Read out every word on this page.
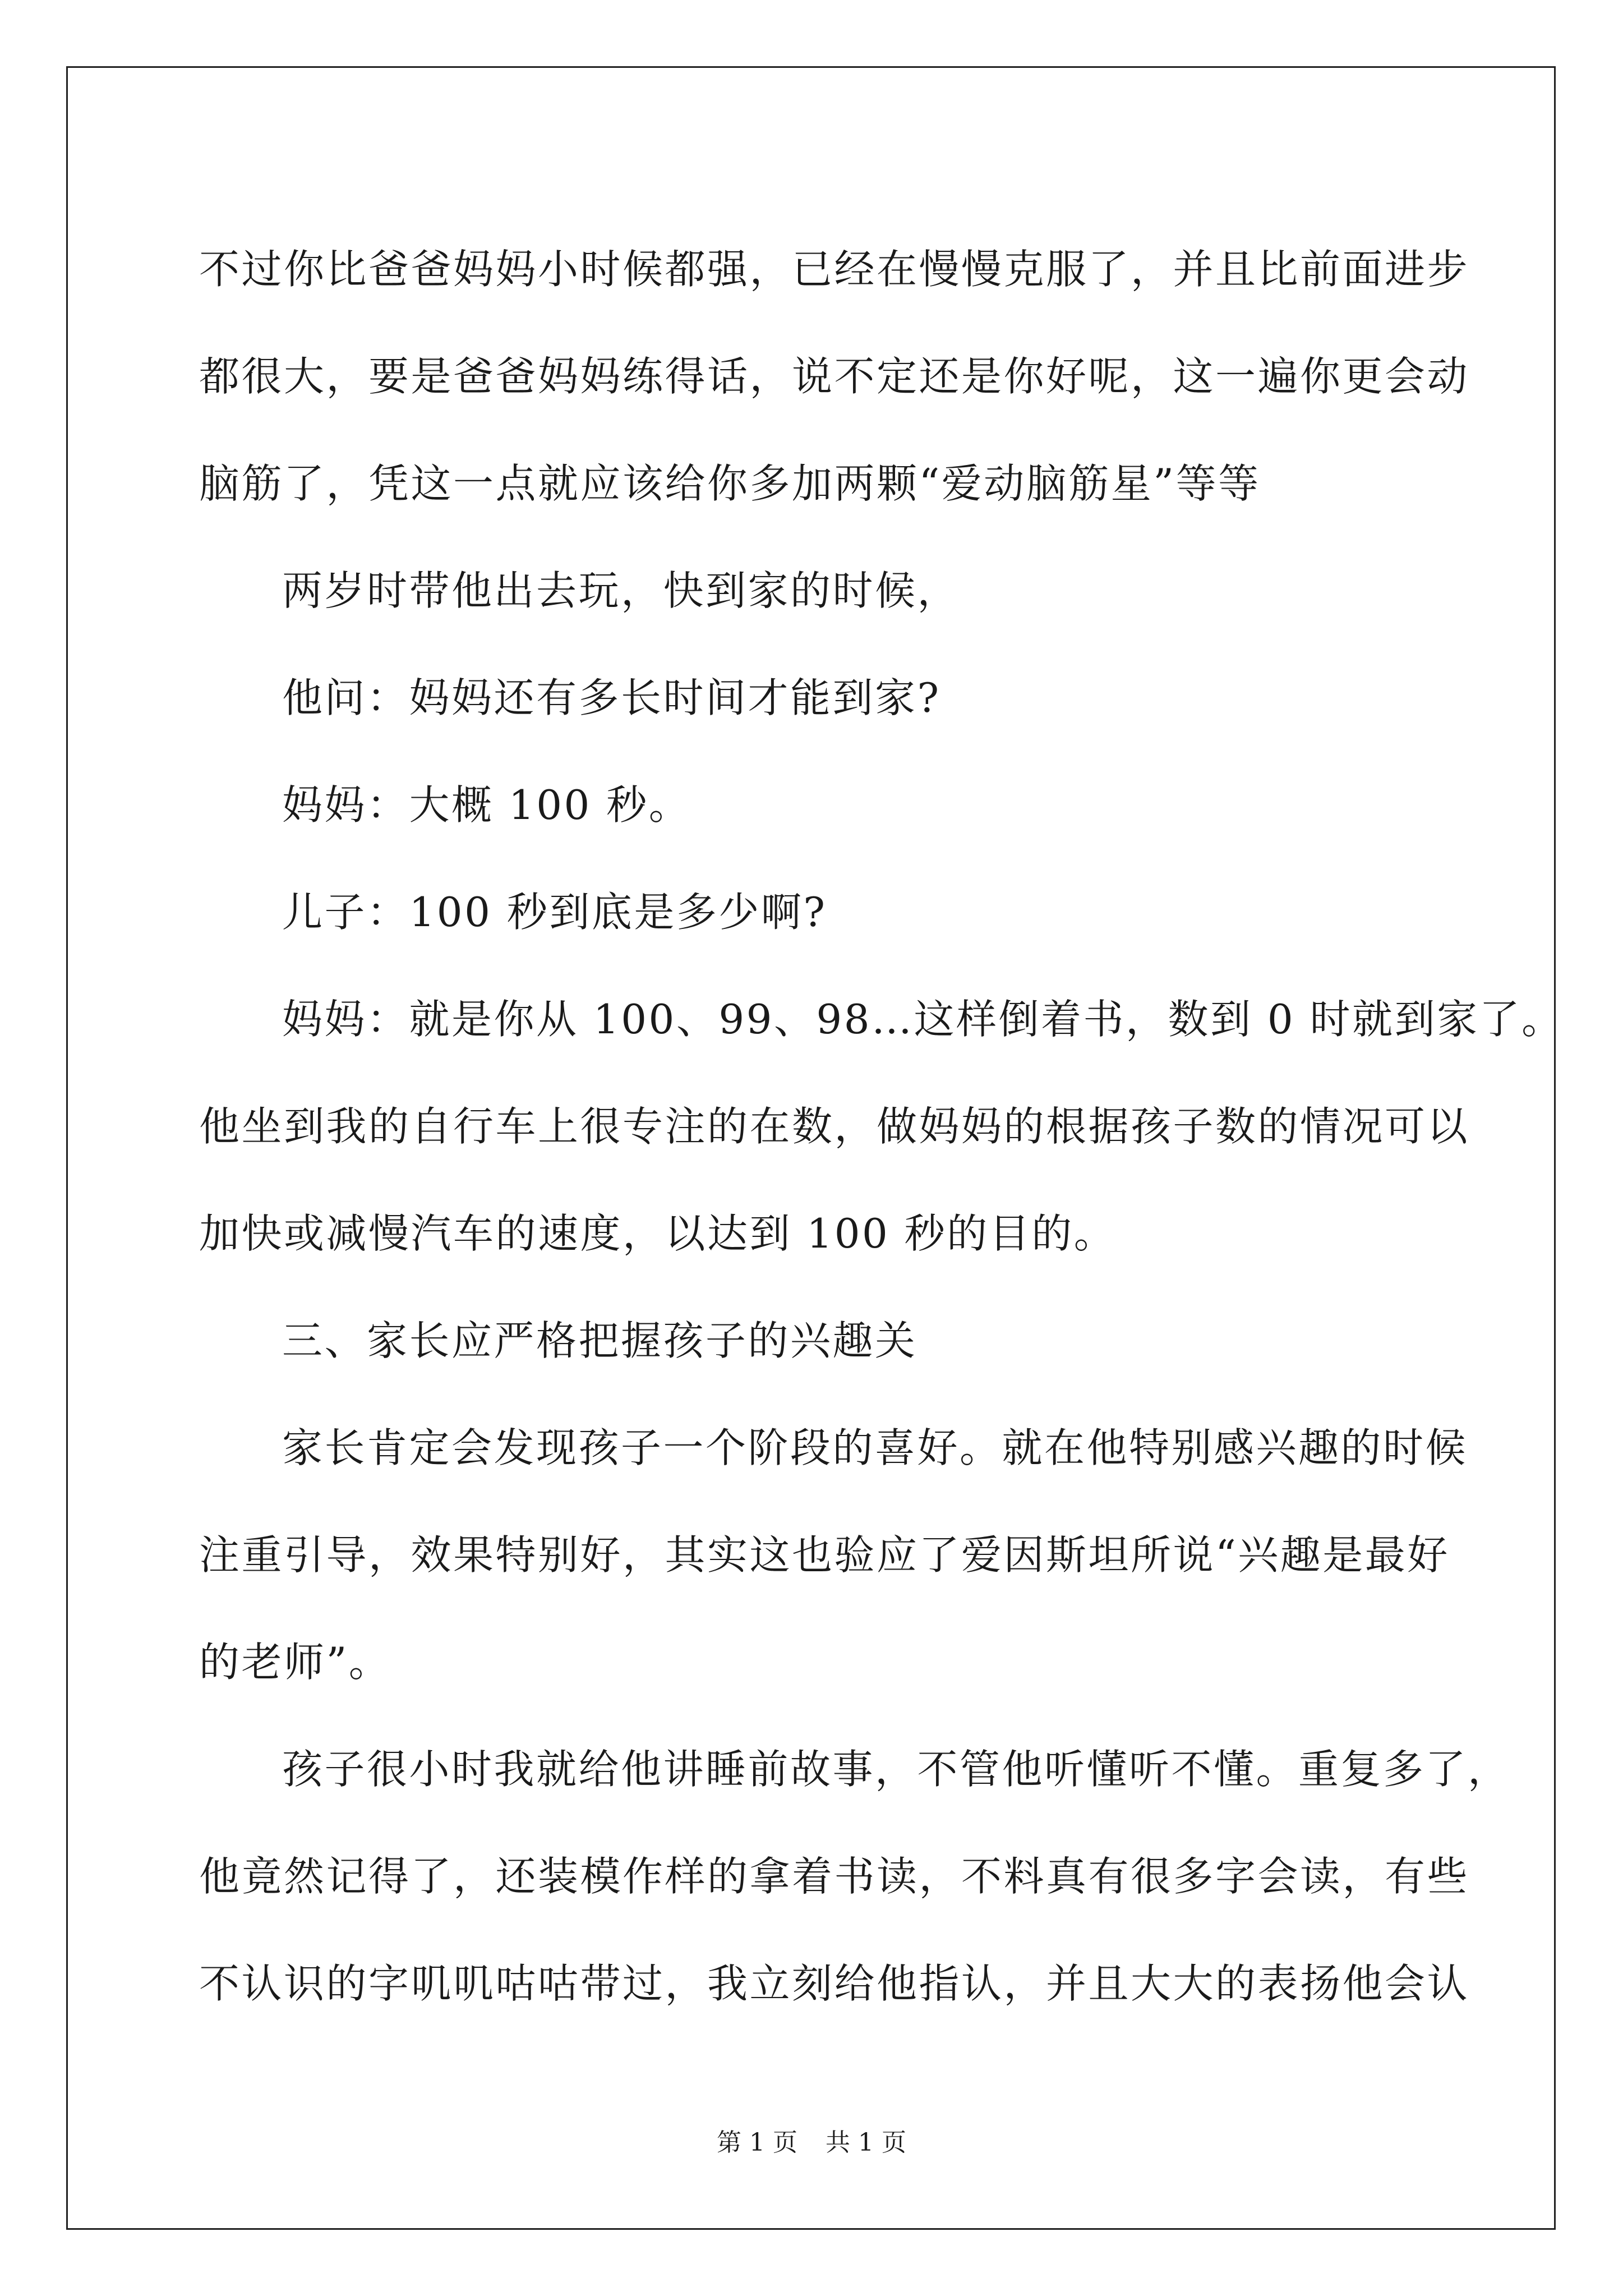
不过你比爸爸妈妈小时候都强，已经在慢慢克服了，并且比前面进步
都很大，要是爸爸妈妈练得话，说不定还是你好呢，这一遍你更会动
脑筋了，凭这一点就应该给你多加两颗“爱动脑筋星”等等
两岁时带他出去玩，快到家的时候，
他问：妈妈还有多长时间才能到家?
妈妈：大概 100 秒。
儿子：100 秒到底是多少啊?
妈妈：就是你从 100、99、98…这样倒着书，数到 0 时就到家了。
他坐到我的自行车上很专注的在数，做妈妈的根据孩子数的情况可以
加快或减慢汽车的速度，以达到 100 秒的目的。
三、家长应严格把握孩子的兴趣关
家长肯定会发现孩子一个阶段的喜好。就在他特别感兴趣的时候
注重引导，效果特别好，其实这也验应了爱因斯坦所说“兴趣是最好
的老师”。
孩子很小时我就给他讲睡前故事，不管他听懂听不懂。重复多了，
他竟然记得了，还装模作样的拿着书读，不料真有很多字会读，有些
不认识的字叽叽咕咕带过，我立刻给他指认，并且大大的表扬他会认
第 1 页 共 1 页
